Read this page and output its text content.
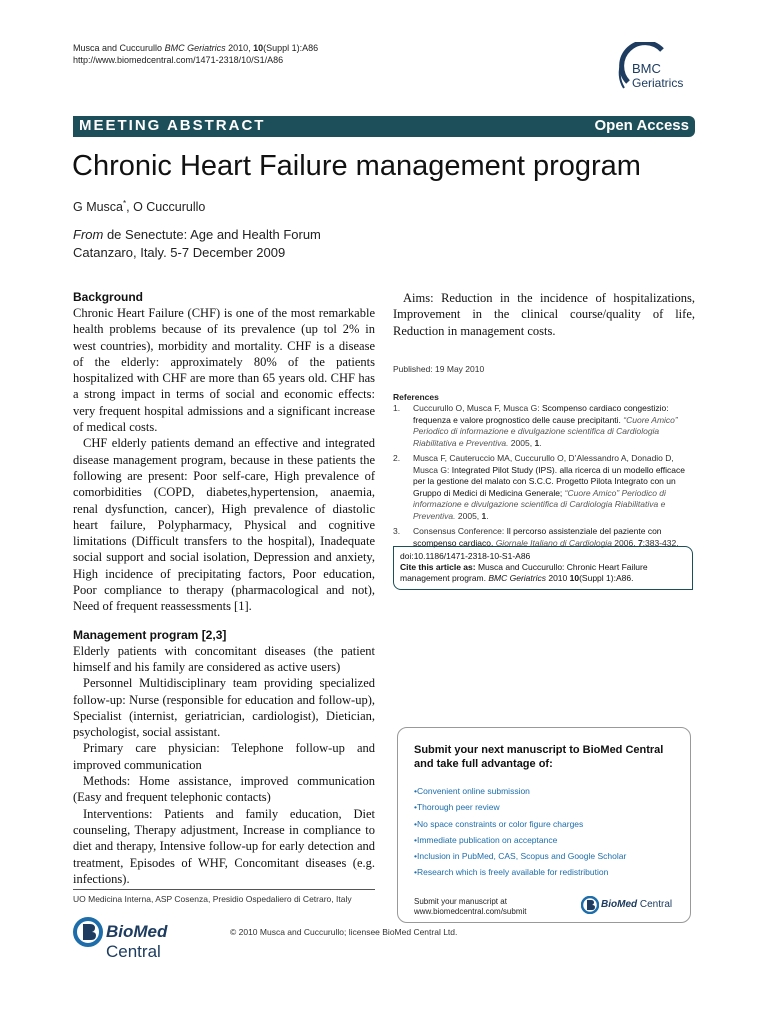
Musca and Cuccurullo BMC Geriatrics 2010, 10(Suppl 1):A86
http://www.biomedcentral.com/1471-2318/10/S1/A86
BMC
Geriatrics
MEETING ABSTRACT	Open Access
Chronic Heart Failure management program
G Musca*, O Cuccurullo
From de Senectute: Age and Health Forum
Catanzaro, Italy. 5-7 December 2009
Background

Chronic Heart Failure (CHF) is one of the most remarkable health problems because of its prevalence (up tol 2% in west countries), morbidity and mortality. CHF is a disease of the elderly: approximately 80% of the patients hospitalized with CHF are more than 65 years old. CHF has a strong impact in terms of social and economic effects: very frequent hospital admissions and a significant increase of medical costs.

CHF elderly patients demand an effective and integrated disease management program, because in these patients the following are present: Poor self-care, High prevalence of comorbidities (COPD, diabetes,hypertension, anaemia, renal dysfunction, cancer), High prevalence of diastolic heart failure, Polypharmacy, Physical and cognitive limitations (Difficult transfers to the hospital), Inadequate social support and social isolation, Depression and anxiety, High incidence of precipitating factors, Poor education, Poor compliance to therapy (pharmacological and not), Need of frequent reassessments [1].

Management program [2,3]

Elderly patients with concomitant diseases (the patient himself and his family are considered as active users)

Personnel Multidisciplinary team providing specialized follow-up: Nurse (responsible for education and follow-up), Specialist (internist, geriatrician, cardiologist), Dietician, psychologist, social assistant.

Primary care physician: Telephone follow-up and improved communication

Methods: Home assistance, improved communication (Easy and frequent telephonic contacts)

Interventions: Patients and family education, Diet counseling, Therapy adjustment, Increase in compliance to diet and therapy, Intensive follow-up for early detection and treatment, Episodes of WHF, Concomitant diseases (e.g. infections).

UO Medicina Interna, ASP Cosenza, Presidio Ospedaliero di Cetraro, Italy

Aims: Reduction in the incidence of hospitalizations, Improvement in the clinical course/quality of life, Reduction in management costs.

Published: 19 May 2010
References
1. Cuccurullo O, Musca F, Musca G: Scompenso cardiaco congestizio: frequenza e valore prognostico delle cause precipitanti. “Cuore Amico” Periodico di informazione e divulgazione scientifica di Cardiologia Riabilitativa e Preventiva. 2005, 1.
2. Musca F, Cauteruccio MA, Cuccurullo O, D’Alessandro A, Donadio D, Musca G: Integrated Pilot Study (IPS). alla ricerca di un modello efficace per la gestione del malato con S.C.C. Progetto Pilota Integrato con un Gruppo di Medici di Medicina Generale; “Cuore Amico” Periodico di informazione e divulgazione scientifica di Cardiologia Riabilitativa e Preventiva. 2005, 1.
3. Consensus Conference: Il percorso assistenziale del paziente con scompenso cardiaco. Giornale Italiano di Cardiologia 2006, 7:383-432.
doi:10.1186/1471-2318-10-S1-A86
Cite this article as: Musca and Cuccurullo: Chronic Heart Failure management program. BMC Geriatrics 2010 10(Suppl 1):A86.
Submit your next manuscript to BioMed Central and take full advantage of:
• Convenient online submission
• Thorough peer review
• No space constraints or color figure charges
• Immediate publication on acceptance
• Inclusion in PubMed, CAS, Scopus and Google Scholar
• Research which is freely available for redistribution
Submit your manuscript at
www.biomedcentral.com/submit
BioMed Central
BioMed Central
© 2010 Musca and Cuccurullo; licensee BioMed Central Ltd.
